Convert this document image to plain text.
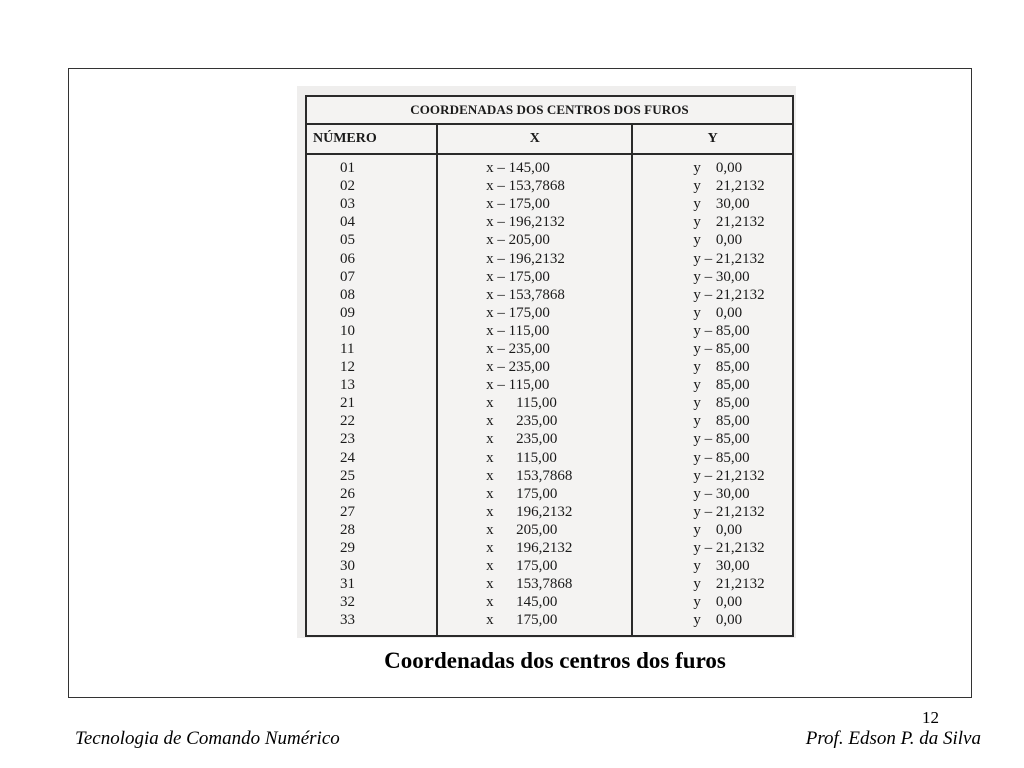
COORDENADAS DOS CENTROS DOS FUROS		
NÚMERO	X	Y
01	x – 145,00	y    0,00
02	x – 153,7868	y    21,2132
03	x – 175,00	y    30,00
04	x – 196,2132	y    21,2132
05	x – 205,00	y    0,00
06	x – 196,2132	y – 21,2132
07	x – 175,00	y – 30,00
08	x – 153,7868	y – 21,2132
09	x – 175,00	y    0,00
10	x – 115,00	y – 85,00
11	x – 235,00	y – 85,00
12	x – 235,00	y    85,00
13	x – 115,00	y    85,00
21	x      115,00	y    85,00
22	x      235,00	y    85,00
23	x      235,00	y – 85,00
24	x      115,00	y – 85,00
25	x      153,7868	y – 21,2132
26	x      175,00	y – 30,00
27	x      196,2132	y – 21,2132
28	x      205,00	y    0,00
29	x      196,2132	y – 21,2132
30	x      175,00	y    30,00
31	x      153,7868	y    21,2132
32	x      145,00	y    0,00
33	x      175,00	y    0,00
Coordenadas dos centros dos furos
12
Tecnologia de Comando Numérico	Prof. Edson P. da Silva
